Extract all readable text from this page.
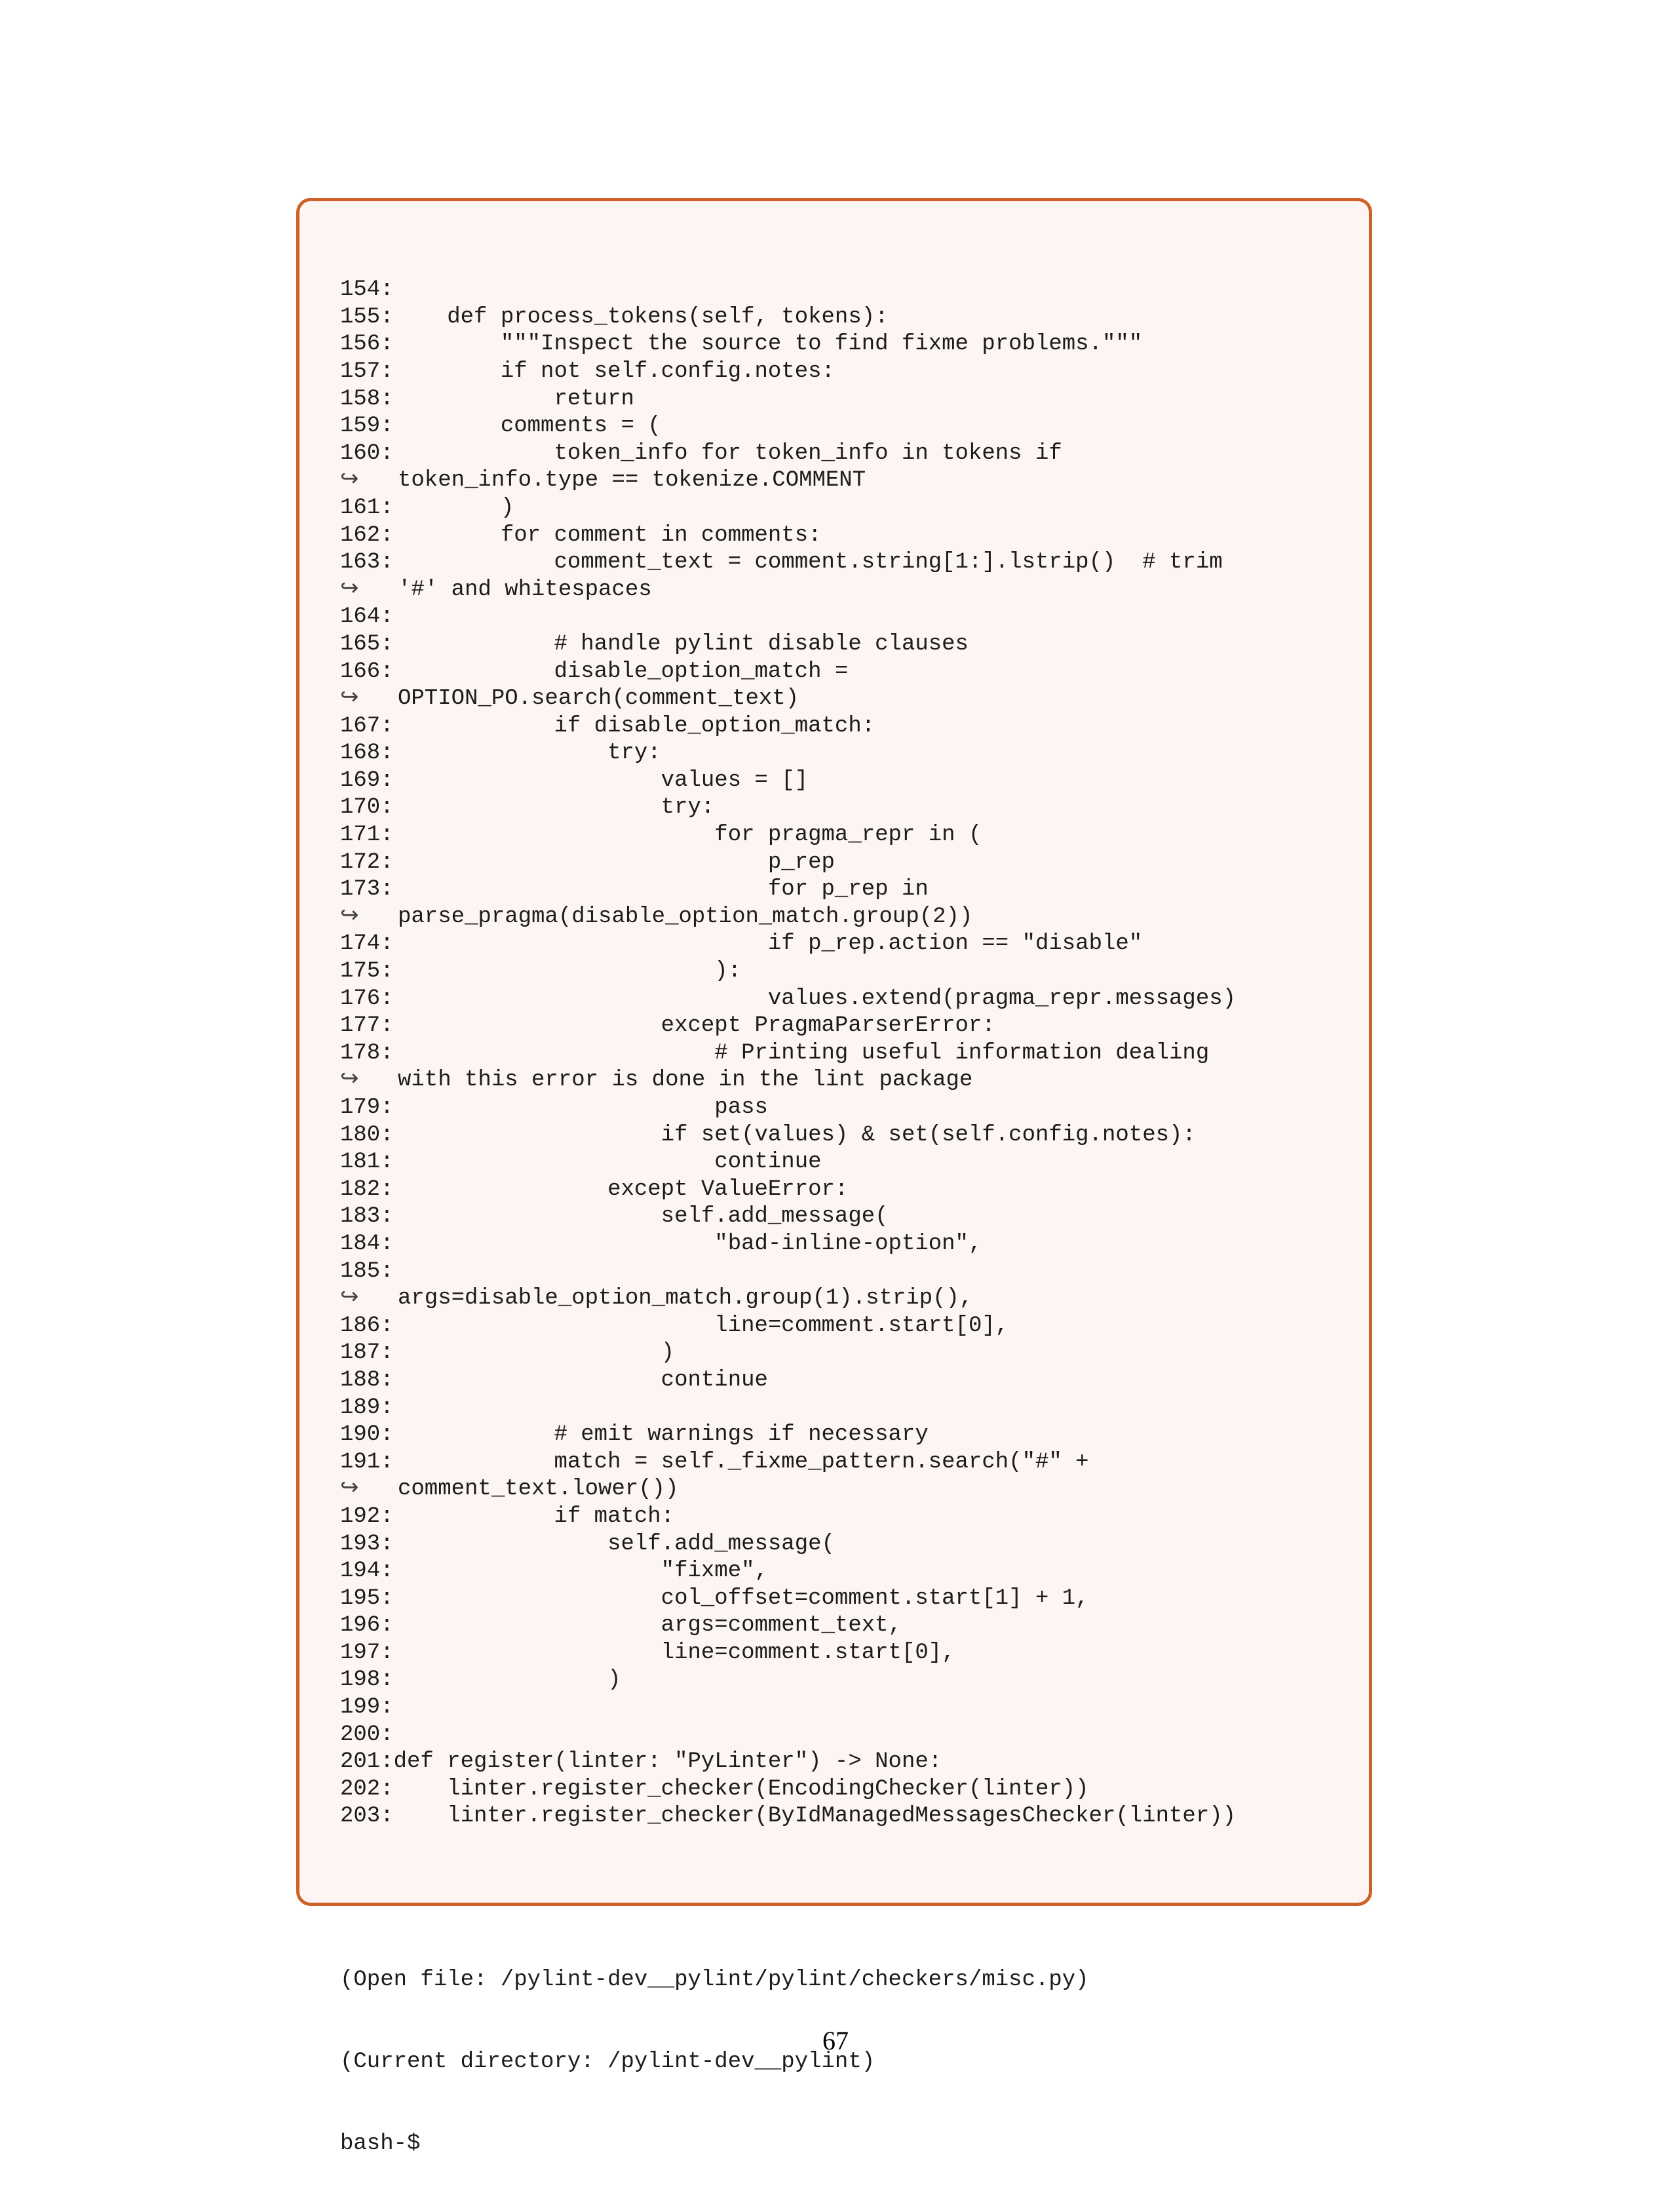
154:
155:    def process_tokens(self, tokens):
156:        """Inspect the source to find fixme problems."""
157:        if not self.config.notes:
158:            return
159:        comments = (
160:            token_info for token_info in tokens if
↪ token_info.type == tokenize.COMMENT
161:        )
162:        for comment in comments:
163:            comment_text = comment.string[1:].lstrip()  # trim
↪ '#' and whitespaces
164:
165:            # handle pylint disable clauses
166:            disable_option_match =
↪ OPTION_PO.search(comment_text)
167:            if disable_option_match:
168:                try:
169:                    values = []
170:                    try:
171:                        for pragma_repr in (
172:                            p_rep
173:                            for p_rep in
↪ parse_pragma(disable_option_match.group(2))
174:                            if p_rep.action == "disable"
175:                        ):
176:                            values.extend(pragma_repr.messages)
177:                    except PragmaParserError:
178:                        # Printing useful information dealing
↪ with this error is done in the lint package
179:                        pass
180:                    if set(values) & set(self.config.notes):
181:                        continue
182:                except ValueError:
183:                    self.add_message(
184:                        "bad-inline-option",
185:
↪ args=disable_option_match.group(1).strip(),
186:                        line=comment.start[0],
187:                    )
188:                    continue
189:
190:            # emit warnings if necessary
191:            match = self._fixme_pattern.search("#" +
↪ comment_text.lower())
192:            if match:
193:                self.add_message(
194:                    "fixme",
195:                    col_offset=comment.start[1] + 1,
196:                    args=comment_text,
197:                    line=comment.start[0],
198:                )
199:
200:
201:def register(linter: "PyLinter") -> None:
202:    linter.register_checker(EncodingChecker(linter))
203:    linter.register_checker(ByIdManagedMessagesChecker(linter))

(Open file: /pylint-dev__pylint/pylint/checkers/misc.py)

(Current directory: /pylint-dev__pylint)

bash-$

67
